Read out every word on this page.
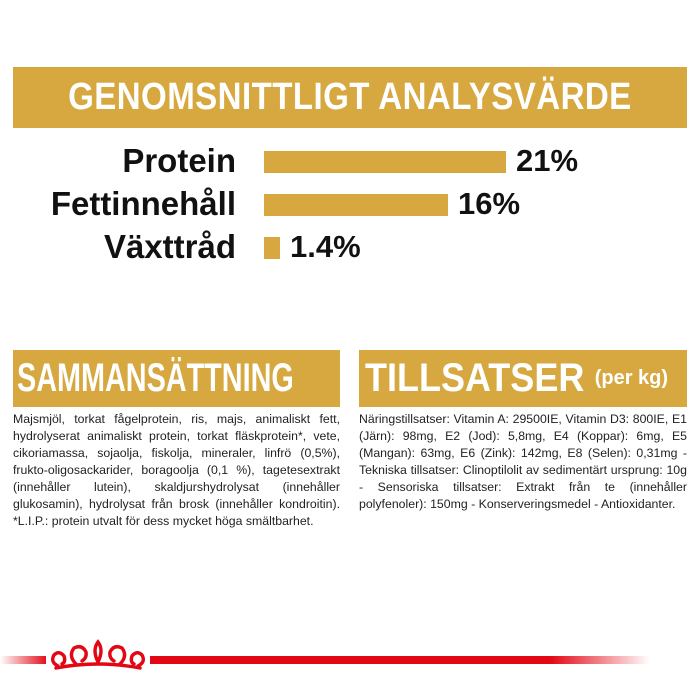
GENOMSNITTLIGT ANALYSVÄRDE
Protein	21%
Fettinnehåll	16%
Växttråd 1.4%
SAMMANSÄTTNING
Majsmjöl, torkat fågelprotein, ris, majs, animaliskt fett, hydrolyserat animaliskt protein, torkat fläskprotein*, vete, cikoriamassa, sojaolja, fiskolja, mineraler, linfrö (0,5%), frukto-oligosackarider, boragoolja (0,1 %), tagetesextrakt (innehåller lutein), skaldjurshydrolysat (innehåller glukosamin), hydrolysat från brosk (innehåller kondroitin). *L.I.P.: protein utvalt för dess mycket höga smältbarhet.
TILLSATSER (per kg)
Näringstillsatser: Vitamin A: 29500IE, Vitamin D3: 800IE, E1 (Järn): 98mg, E2 (Jod): 5,8mg, E4 (Koppar): 6mg, E5 (Mangan): 63mg, E6 (Zink): 142mg, E8 (Selen): 0,31mg - Tekniska tillsatser: Clinoptilolit av sedimentärt ursprung: 10g - Sensoriska tillsatser: Extrakt från te (innehåller polyfenoler): 150mg - Konserveringsmedel - Antioxidanter.
